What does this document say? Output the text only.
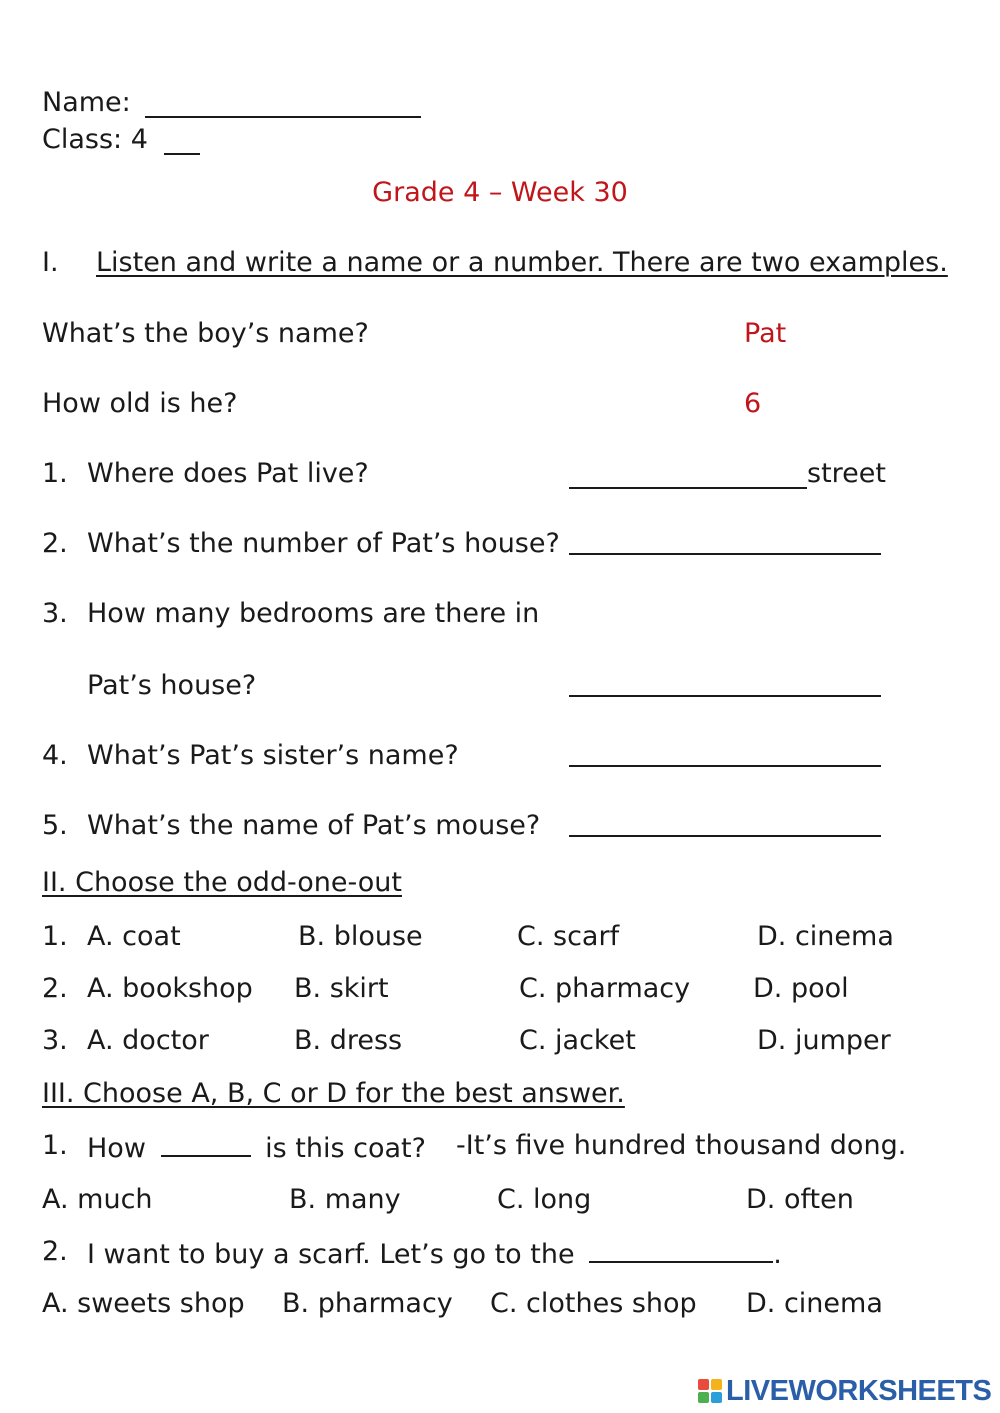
Name:
Class: 4
Grade 4 – Week 30
I. Listen and write a name or a number. There are two examples.
What’s the boy’s name?	Pat
How old is he?	6
1. Where does Pat live?	street
2. What’s the number of Pat’s house?
3. How many bedrooms are there in
Pat’s house?
4. What’s Pat’s sister’s name?
5. What’s the name of Pat’s mouse?
II. Choose the odd-one-out
1. A. coat	B. blouse	C. scarf	D. cinema
2. A. bookshop B. skirt	C. pharmacy D. pool
3. A. doctor	B. dress	C. jacket	D. jumper
III. Choose A, B, C or D for the best answer.
1. How	is this coat? -It’s five hundred thousand dong.
A. much	B. many	C. long	D. often
2. I want to buy a scarf. Let’s go to the	.
A. sweets shop B. pharmacy C. clothes shop D. cinema
LIVEWORKSHEETS
